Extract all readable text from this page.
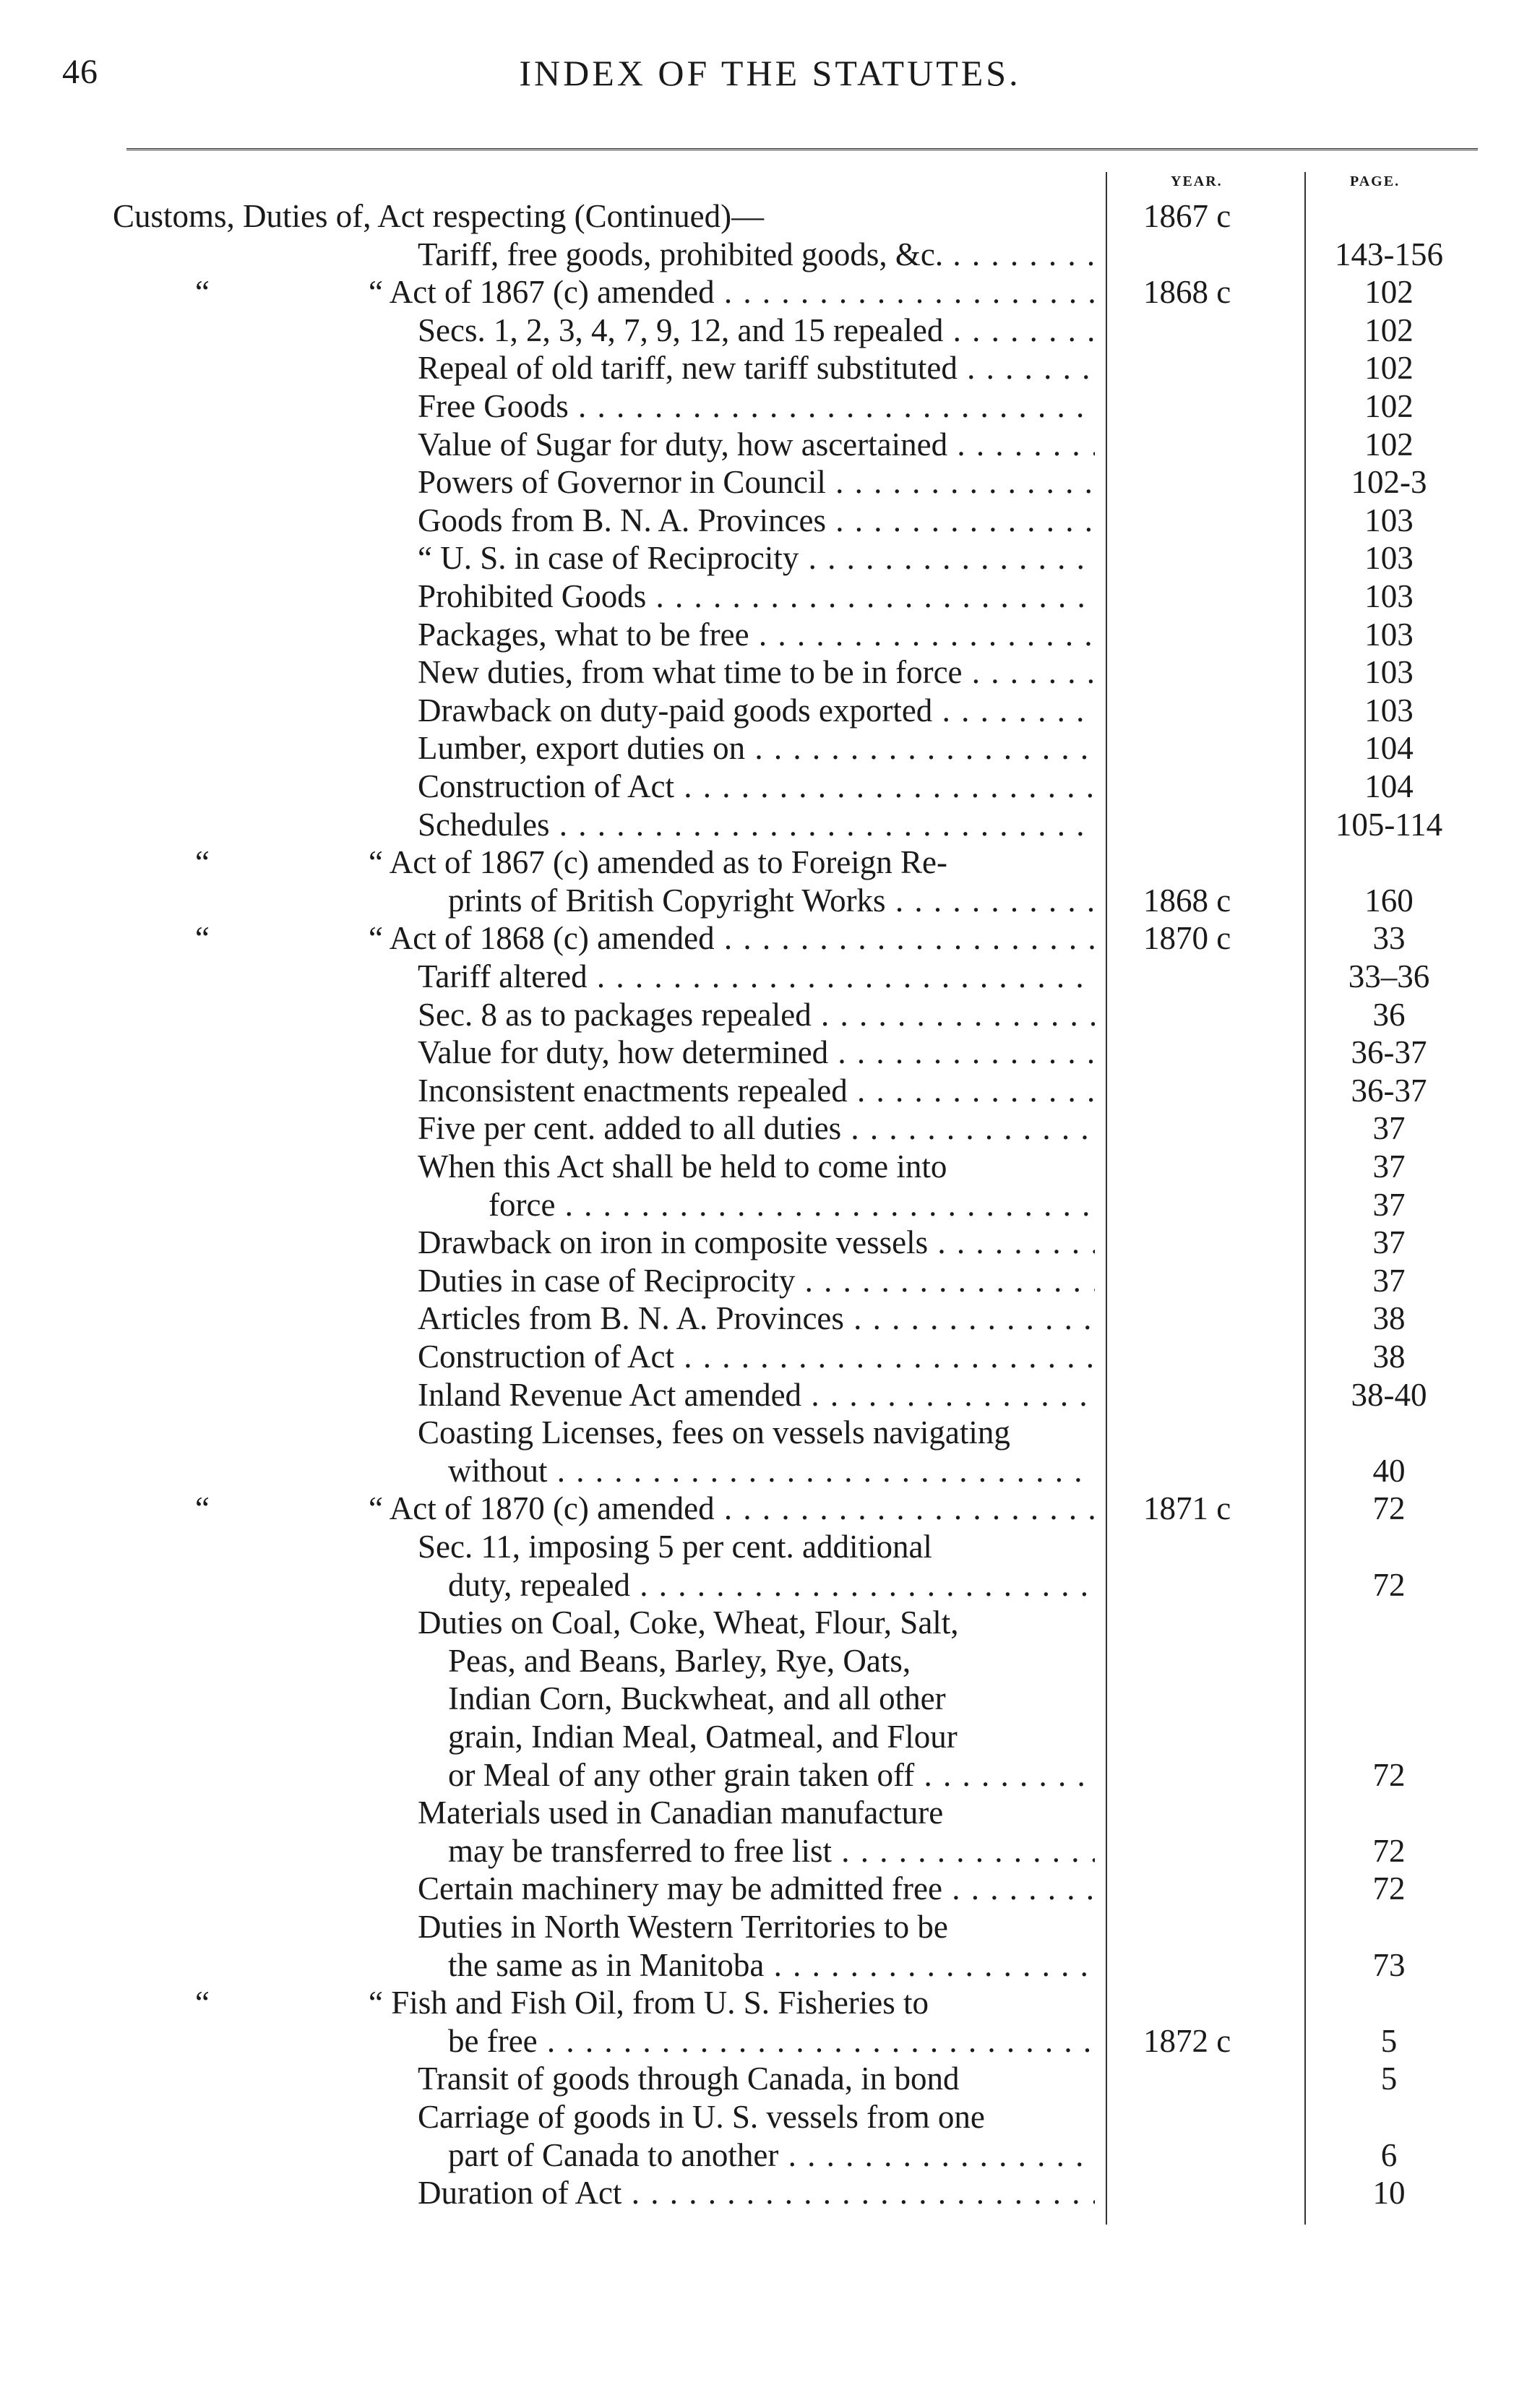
46	INDEX OF THE STATUTES.
YEAR.	PAGE.
Customs, Duties of, Act respecting (Continued)—	1867 c
Tariff, free goods, prohibited goods, &c. . . .	143-156
“	“ Act of 1867 (c) amended . . .	1868 c	102
Secs. 1, 2, 3, 4, 7, 9, 12, and 15 repealed . . .	102
Repeal of old tariff, new tariff substituted . . .	102
Free Goods . . .	102
Value of Sugar for duty, how ascertained . . .	102
Powers of Governor in Council . . .	102-3
Goods from B. N. A. Provinces . . .	103
“ U. S. in case of Reciprocity . . .	103
Prohibited Goods . . .	103
Packages, what to be free . . .	103
New duties, from what time to be in force . . .	103
Drawback on duty-paid goods exported . . .	103
Lumber, export duties on . . .	104
Construction of Act . . .	104
Schedules . . .	105-114
“	“ Act of 1867 (c) amended as to Foreign Re-
prints of British Copyright Works . . .	1868 c	160
“	“ Act of 1868 (c) amended . . .	1870 c	33
Tariff altered . . .	33–36
Sec. 8 as to packages repealed . . .	36
Value for duty, how determined . . .	36-37
Inconsistent enactments repealed . . .	36-37
Five per cent. added to all duties . . .	37
When this Act shall be held to come into	37
force . . .	37
Drawback on iron in composite vessels . . .	37
Duties in case of Reciprocity . . .	37
Articles from B. N. A. Provinces . . .	38
Construction of Act . . .	38
Inland Revenue Act amended . . .	38-40
Coasting Licenses, fees on vessels navigating
without . . .	40
“	“ Act of 1870 (c) amended . . .	1871 c	72
Sec. 11, imposing 5 per cent. additional
duty, repealed . . .	72
Duties on Coal, Coke, Wheat, Flour, Salt,
Peas, and Beans, Barley, Rye, Oats,
Indian Corn, Buckwheat, and all other
grain, Indian Meal, Oatmeal, and Flour
or Meal of any other grain taken off . . .	72
Materials used in Canadian manufacture
may be transferred to free list . . .	72
Certain machinery may be admitted free . . .	72
Duties in North Western Territories to be
the same as in Manitoba . . .	73
“	“ Fish and Fish Oil, from U. S. Fisheries to
be free . . .	1872 c	5
Transit of goods through Canada, in bond	5
Carriage of goods in U. S. vessels from one
part of Canada to another . . .	6
Duration of Act . . .	10
